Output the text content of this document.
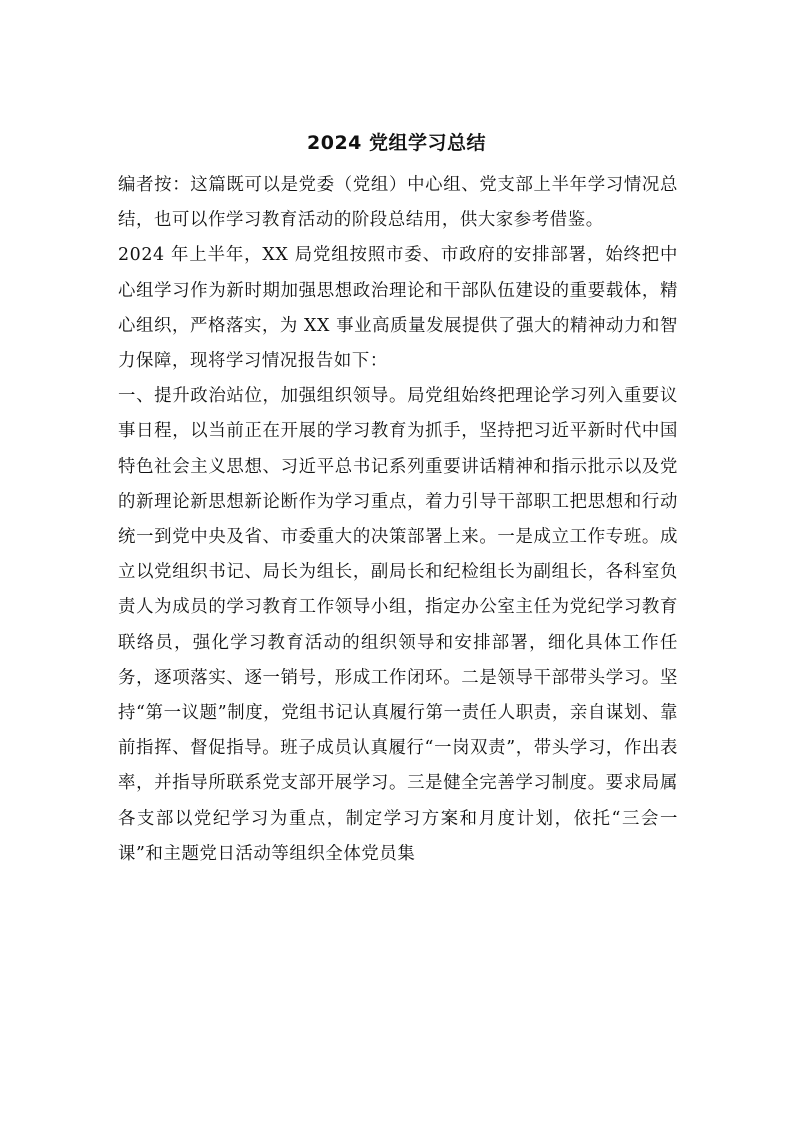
2024 党组学习总结

编者按：这篇既可以是党委（党组）中心组、党支部上半年学习情况总结，也可以作学习教育活动的阶段总结用，供大家参考借鉴。

2024 年上半年，XX 局党组按照市委、市政府的安排部署，始终把中心组学习作为新时期加强思想政治理论和干部队伍建设的重要载体，精心组织，严格落实，为 XX 事业高质量发展提供了强大的精神动力和智力保障，现将学习情况报告如下：

一、提升政治站位，加强组织领导。局党组始终把理论学习列入重要议事日程，以当前正在开展的学习教育为抓手，坚持把习近平新时代中国特色社会主义思想、习近平总书记系列重要讲话精神和指示批示以及党的新理论新思想新论断作为学习重点，着力引导干部职工把思想和行动统一到党中央及省、市委重大的决策部署上来。一是成立工作专班。成立以党组织书记、局长为组长，副局长和纪检组长为副组长，各科室负责人为成员的学习教育工作领导小组，指定办公室主任为党纪学习教育联络员，强化学习教育活动的组织领导和安排部署，细化具体工作任务，逐项落实、逐一销号，形成工作闭环。二是领导干部带头学习。坚持“第一议题”制度，党组书记认真履行第一责任人职责，亲自谋划、靠前指挥、督促指导。班子成员认真履行“一岗双责”，带头学习，作出表率，并指导所联系党支部开展学习。三是健全完善学习制度。要求局属各支部以党纪学习为重点，制定学习方案和月度计划，依托“三会一课”和主题党日活动等组织全体党员集
